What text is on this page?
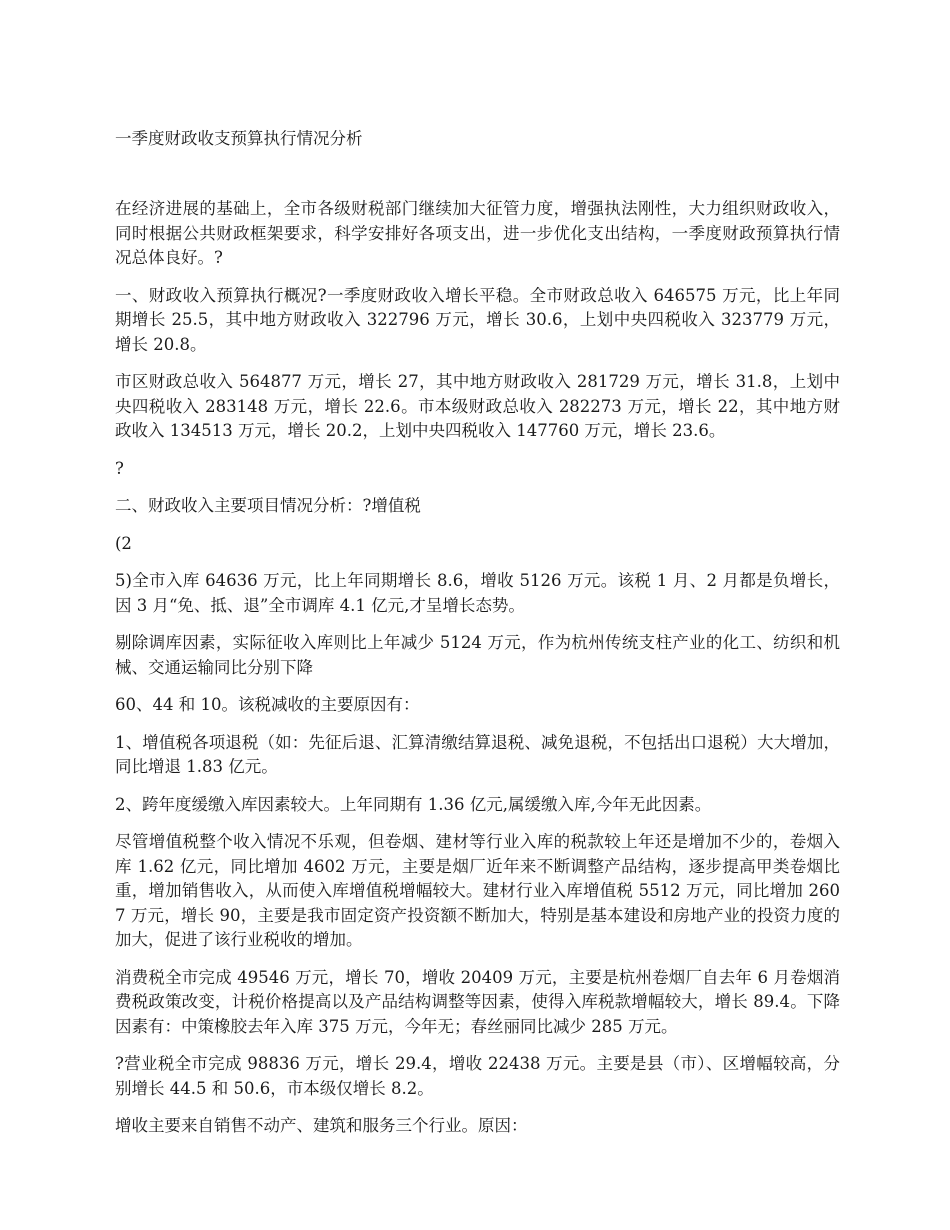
一季度财政收支预算执行情况分析

在经济进展的基础上，全市各级财税部门继续加大征管力度，增强执法刚性，大力组织财政收入，同时根据公共财政框架要求，科学安排好各项支出，进一步优化支出结构，一季度财政预算执行情况总体良好。?

一、财政收入预算执行概况?一季度财政收入增长平稳。全市财政总收入 646575 万元，比上年同期增长 25.5，其中地方财政收入 322796 万元，增长 30.6，上划中央四税收入 323779 万元，增长 20.8。

市区财政总收入 564877 万元，增长 27，其中地方财政收入 281729 万元，增长 31.8，上划中央四税收入 283148 万元，增长 22.6。市本级财政总收入 282273 万元，增长 22，其中地方财政收入 134513 万元，增长 20.2，上划中央四税收入 147760 万元，增长 23.6。

?

二、财政收入主要项目情况分析：?增值税

(2

5)全市入库 64636 万元，比上年同期增长 8.6，增收 5126 万元。该税 1 月、2 月都是负增长，因 3 月“免、抵、退”全市调库 4.1 亿元,才呈增长态势。

剔除调库因素，实际征收入库则比上年减少 5124 万元，作为杭州传统支柱产业的化工、纺织和机械、交通运输同比分别下降

60、44 和 10。该税减收的主要原因有：

1、增值税各项退税（如：先征后退、汇算清缴结算退税、减免退税，不包括出口退税）大大增加，同比增退 1.83 亿元。

2、跨年度缓缴入库因素较大。上年同期有 1.36 亿元,属缓缴入库,今年无此因素。

尽管增值税整个收入情况不乐观，但卷烟、建材等行业入库的税款较上年还是增加不少的，卷烟入库 1.62 亿元，同比增加 4602 万元，主要是烟厂近年来不断调整产品结构，逐步提高甲类卷烟比重，增加销售收入，从而使入库增值税增幅较大。建材行业入库增值税 5512 万元，同比增加 2607 万元，增长 90，主要是我市固定资产投资额不断加大，特别是基本建设和房地产业的投资力度的加大，促进了该行业税收的增加。

消费税全市完成 49546 万元，增长 70，增收 20409 万元，主要是杭州卷烟厂自去年 6 月卷烟消费税政策改变，计税价格提高以及产品结构调整等因素，使得入库税款增幅较大，增长 89.4。下降因素有：中策橡胶去年入库 375 万元，今年无；春丝丽同比减少 285 万元。

?营业税全市完成 98836 万元，增长 29.4，增收 22438 万元。主要是县（市）、区增幅较高，分别增长 44.5 和 50.6，市本级仅增长 8.2。

增收主要来自销售不动产、建筑和服务三个行业。原因：
